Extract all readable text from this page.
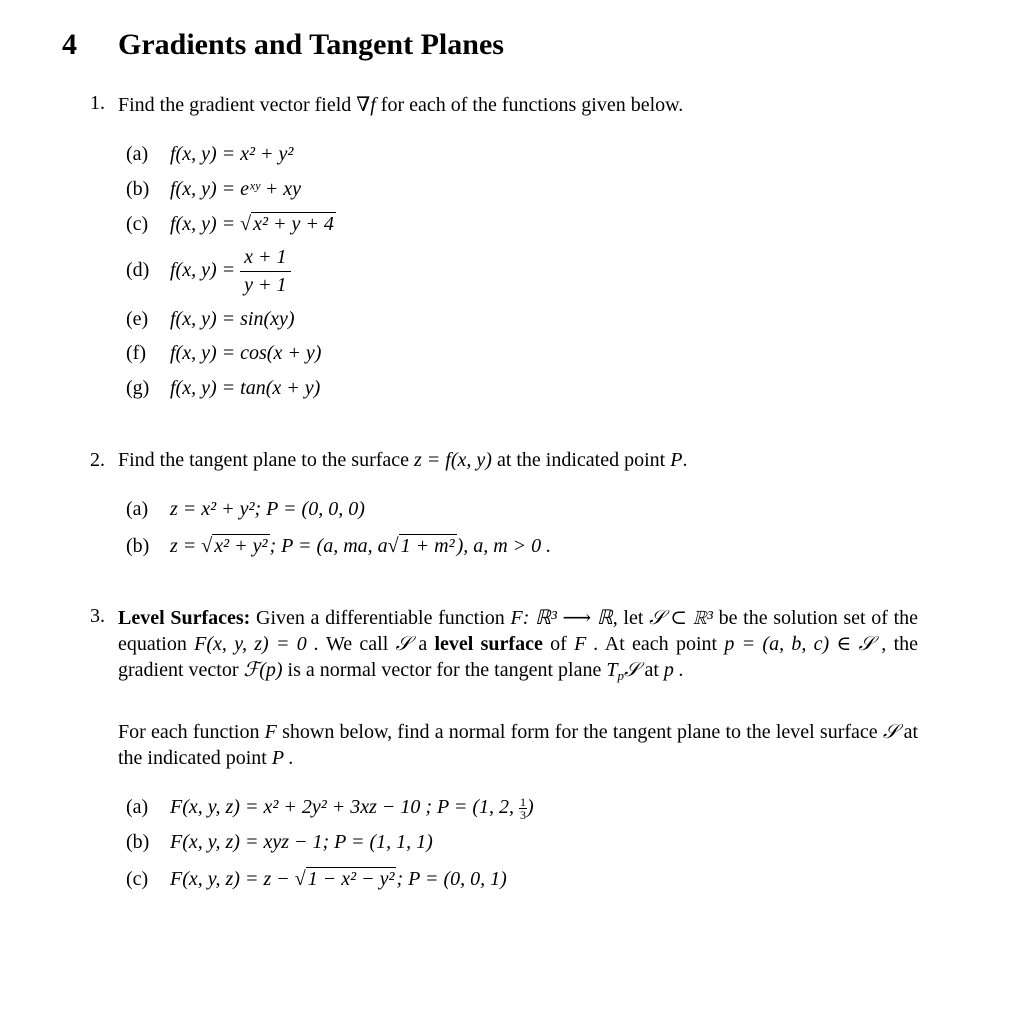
4 Gradients and Tangent Planes
1. Find the gradient vector field ∇f for each of the functions given below.
(a) f(x, y) = x² + y²
(b) f(x, y) = eˣʸ + xy
(c) f(x, y) = √ x² + y + 4
(d) f(x, $y) = \frac{x + 1}{y + 1}$
(e) f(x, y) = sin(xy)
(f) f(x, y) = cos(x + y)
(g) f(x, y) = tan(x + y)
2. Find the tangent plane to the surface z = f(x, y) at the indicated point P.
(a) z = x² + y²; P = (0, 0, 0)
(b) z = √ x² + y² ; P = (a, ma, a√ 1 + m² ), a, m > 0 .
3. Level Surfaces: Given a differentiable function F: ℝ³ ⟶ ℝ, let 𝒮 ⊂ ℝ³ be the solution set of the equation F(x, y, z) = 0 . We call 𝒮 a level surface of F . At each point p = (a, b, c) ∈ 𝒮 , the gradient vector ℱ(p) is a normal vector for the tangent plane $T_p𝒮$ at p .
For each function F shown below, find a normal form for the tangent plane to the level surface 𝒮 at the indicated point P .
(a) F(x, y, z) = x² + 2y² + 3xz − 10 ; P = (1, 2, $\frac{1}{3}$ )
(b) F(x, y, z) = xyz − 1; P = (1, 1, 1)
(c) F(x, y, z) = z − √ 1 − x² − y² ; P = (0, 0, 1)
